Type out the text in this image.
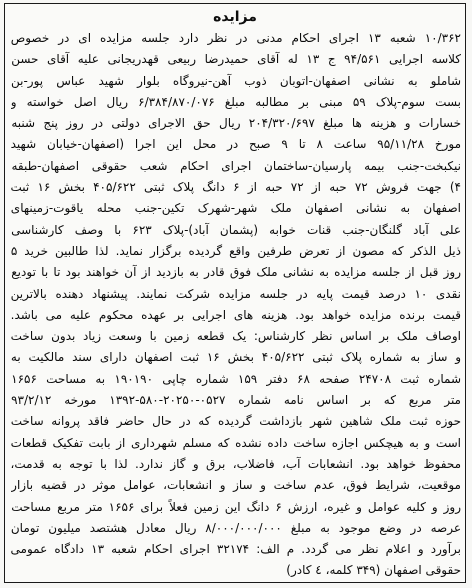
مزایده
۱۰/۳۶۲ شعبه ۱۳ اجرای احکام مدنی در نظر دارد جلسه مزایده ای در خصوص
کلاسه اجرایی ۹۴/۵۶۱ ج ۱۳ له آقای حمیدرضا ربیعی قهدریجانی علیه آقای حسن
شاملو به نشانی اصفهان-اتوبان ذوب آهن-نیروگاه بلوار شهید عباس پور-بن
بست سوم-پلاک ۵۹ مبنی بر مطالبه مبلغ ۶/۳۸۴/۸۷۰/۰۷۶ ریال اصل خواسته و
خسارات و هزینه ها مبلغ ۲۰۴/۳۲۰/۶۹۷ ریال حق الاجرای دولتی در روز پنج شنبه
مورخ ۹۵/۱۱/۲۸ ساعت ۸ تا ۹ صبح در محل این اجرا (اصفهان-خیابان شهید
نیکبخت-جنب بیمه پارسیان-ساختمان اجرای احکام شعب حقوقی اصفهان-طبقه
۴) جهت فروش ۷۲ حبه از ۷۲ حبه از ۶ دانگ پلاک ثبتی ۴۰۵/۶۲۲ بخش ۱۶ ثبت
اصفهان به نشانی اصفهان ملک شهر-شهرک تکین-جنب محله یاقوت-زمینهای
علی آباد گلنگان-جنب قنات خوابه (پشمان آباد)-پلاک ۶۲۳ با وصف کارشناسی
ذیل الذکر که مصون از تعرض طرفین واقع گردیده برگزار نماید. لذا طالبین خرید ۵
روز قبل از جلسه مزایده به نشانی ملک فوق قادر به بازدید از آن خواهند بود تا با تودیع
نقدی ۱۰ درصد قیمت پایه در جلسه مزایده شرکت نمایند. پیشنهاد دهنده بالاترین
قیمت برنده مزایده خواهد بود. هزینه های اجرایی بر عهده محکوم علیه می باشد.
اوصاف ملک بر اساس نظر کارشناس: یک قطعه زمین با وسعت زیاد بدون ساخت
و ساز به شماره پلاک ثبتی ۴۰۵/۶۲۲ بخش ۱۶ ثبت اصفهان دارای سند مالکیت به
شماره ثبت ۲۴۷۰۸ صفحه ۶۸ دفتر ۱۵۹ شماره چاپی ۱۹۰۱۹۰ به مساحت ۱۶۵۶
متر مربع که بر اساس نامه شماره ۰۵۲۷-۲۰۲۵۰-۵۸۰-۱۳۹۲ مورخه ۹۳/۲/۱۲
حوزه ثبت ملک شاهین شهر بازداشت گردیده که در حال حاضر فاقد پروانه ساخت
است و به هیچکس اجازه ساخت داده نشده که مسلم شهرداری از بابت تفکیک قطعات
محفوظ خواهد بود. انشعابات آب، فاضلاب، برق و گاز ندارد. لذا با توجه به قدمت،
موقعیت، شرایط فوق، عدم ساخت و ساز و انشعابات، عوامل موثر در قضیه بازار
روز و کلیه عوامل و غیره، ارزش ۶ دانگ این زمین فعلاً برای ۱۶۵۶ متر مربع مساحت
عرصه در وضع موجود به مبلغ ۸/۰۰۰/۰۰۰/۰۰۰ ریال معادل هشتصد میلیون تومان
برآورد و اعلام نظر می گردد. م الف: ۳۲۱۷۴ اجرای احکام شعبه ۱۳ دادگاه عمومی
حقوقی اصفهان (۳۴۹ کلمه، ٤ کادر)
